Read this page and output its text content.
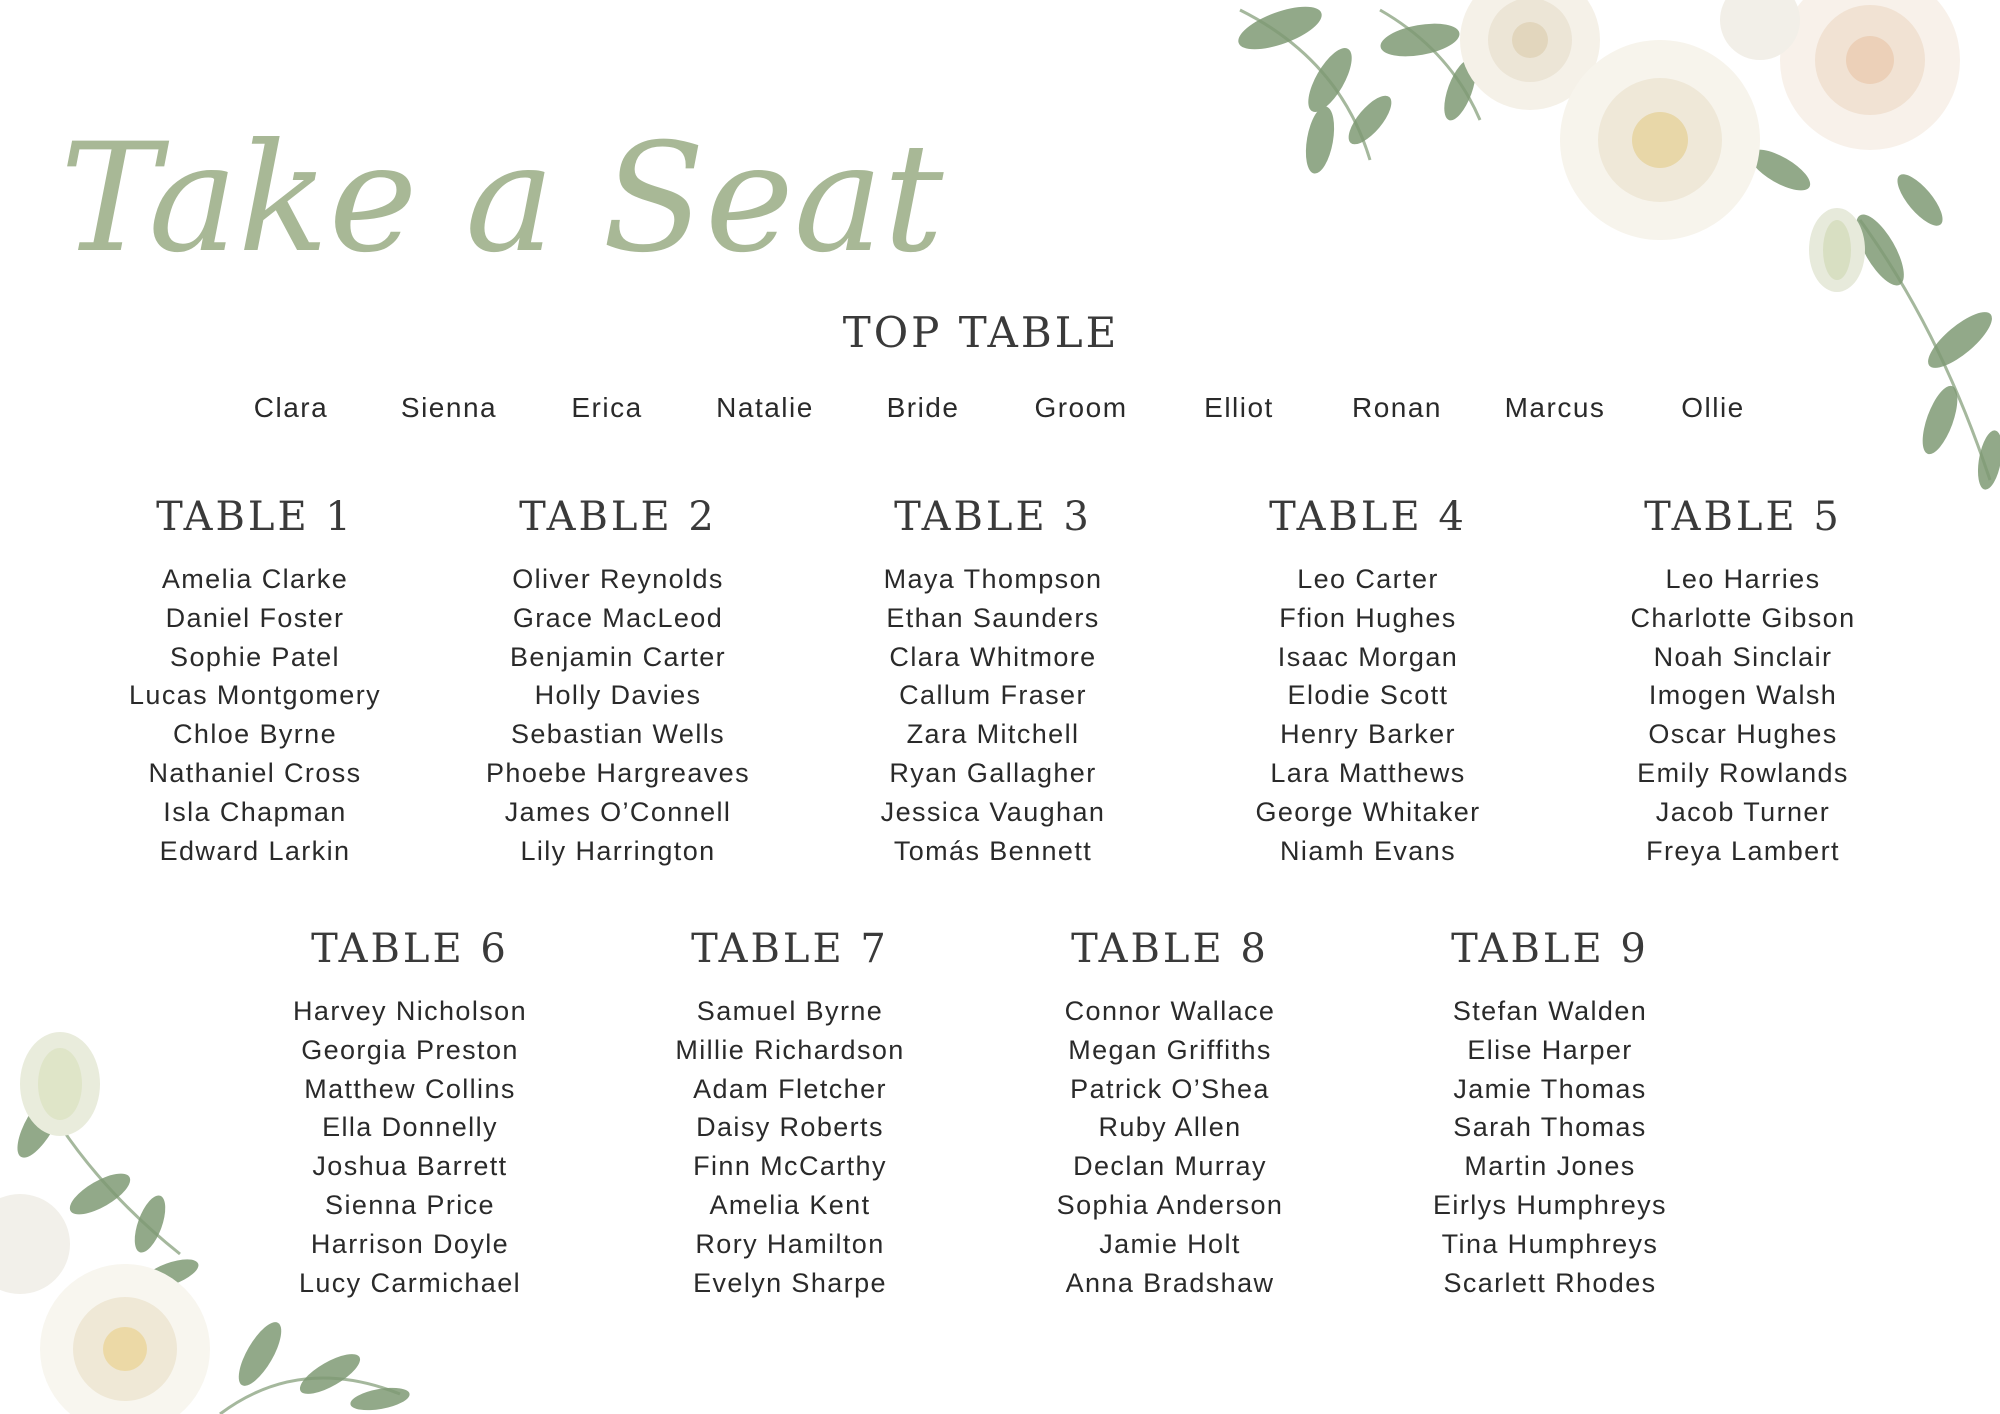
Take a Seat
TOP TABLE
Clara	Sienna	Erica	Natalie	Bride	Groom	Elliot	Ronan	Marcus	Ollie
TABLE 1
Amelia Clarke
Daniel Foster
Sophie Patel
Lucas Montgomery
Chloe Byrne
Nathaniel Cross
Isla Chapman
Edward Larkin
TABLE 2
Oliver Reynolds
Grace MacLeod
Benjamin Carter
Holly Davies
Sebastian Wells
Phoebe Hargreaves
James O’Connell
Lily Harrington
TABLE 3
Maya Thompson
Ethan Saunders
Clara Whitmore
Callum Fraser
Zara Mitchell
Ryan Gallagher
Jessica Vaughan
Tomás Bennett
TABLE 4
Leo Carter
Ffion Hughes
Isaac Morgan
Elodie Scott
Henry Barker
Lara Matthews
George Whitaker
Niamh Evans
TABLE 5
Leo Harries
Charlotte Gibson
Noah Sinclair
Imogen Walsh
Oscar Hughes
Emily Rowlands
Jacob Turner
Freya Lambert
TABLE 6
Harvey Nicholson
Georgia Preston
Matthew Collins
Ella Donnelly
Joshua Barrett
Sienna Price
Harrison Doyle
Lucy Carmichael
TABLE 7
Samuel Byrne
Millie Richardson
Adam Fletcher
Daisy Roberts
Finn McCarthy
Amelia Kent
Rory Hamilton
Evelyn Sharpe
TABLE 8
Connor Wallace
Megan Griffiths
Patrick O’Shea
Ruby Allen
Declan Murray
Sophia Anderson
Jamie Holt
Anna Bradshaw
TABLE 9
Stefan Walden
Elise Harper
Jamie Thomas
Sarah Thomas
Martin Jones
Eirlys Humphreys
Tina Humphreys
Scarlett Rhodes
